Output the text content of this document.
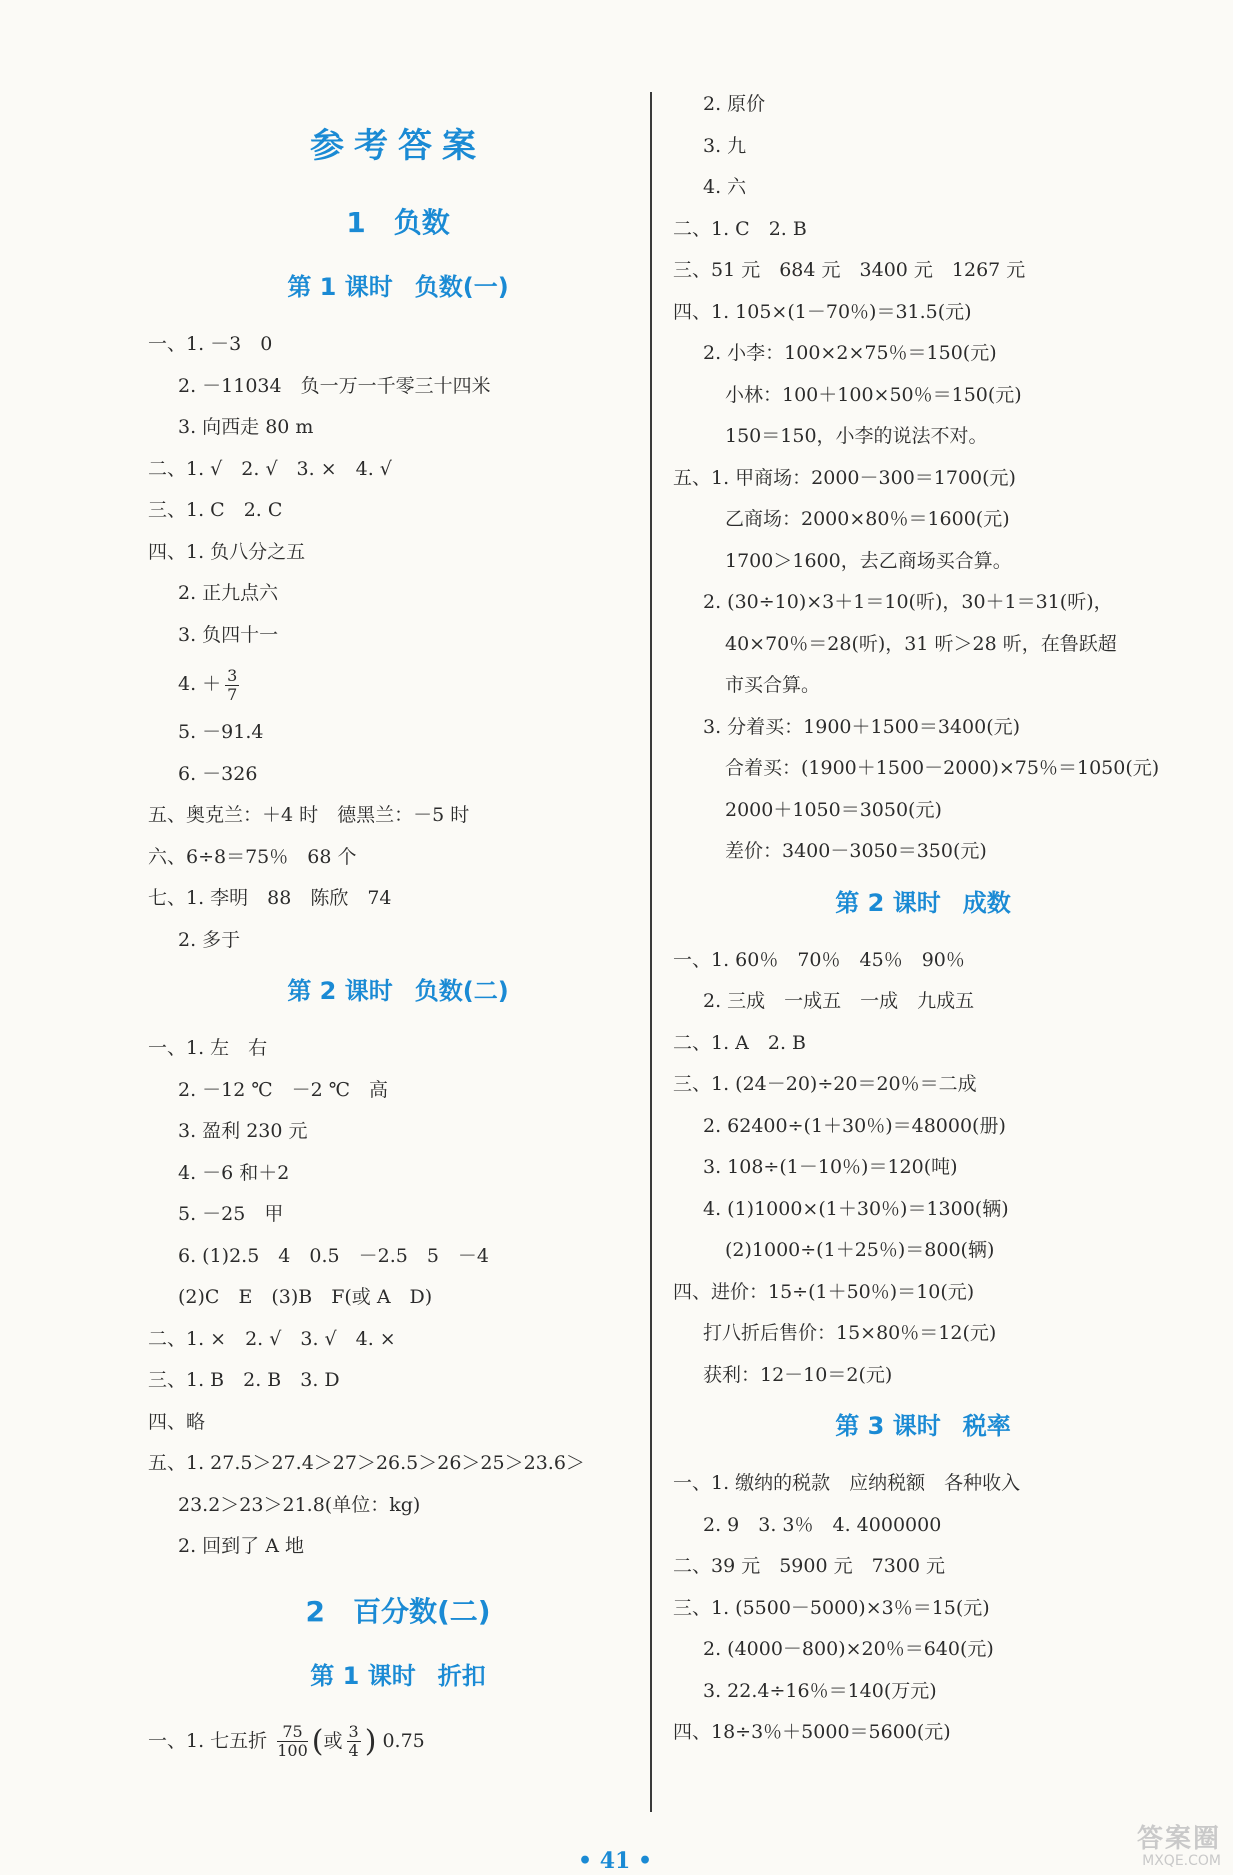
参考答案
1 负数
第 1 课时 负数(一)
一、1. －3　0
2. －11034　负一万一千零三十四米
3. 向西走 80 m
二、1. √　2. √　3. ×　4. √
三、1. C　2. C
四、1. 负八分之五
2. 正九点六
3. 负四十一
4. ＋ $\frac{3}{7}$
5. －91.4
6. －326
五、奥克兰：＋4 时　德黑兰：－5 时
六、6÷8＝75％　68 个
七、1. 李明　88　陈欣　74
2. 多于
第 2 课时 负数(二)
一、1. 左　右
2. －12 ℃　－2 ℃　高
3. 盈利 230 元
4. －6 和＋2
5. －25　甲
6. (1)2.5　4　0.5　－2.5　5　－4
(2)C　E　(3)B　F(或 A　D)
二、1. ×　2. √　3. √　4. ×
三、1. B　2. B　3. D
四、略
五、1. 27.5＞27.4＞27＞26.5＞26＞25＞23.6＞
23.2＞23＞21.8(单位：kg)
2. 回到了 A 地
2 百分数(二)
第 1 课时 折扣
一、1. 七五折 $\frac{75}{100}$ (或 $\frac{3}{4}$ ) 0.75
2. 原价
3. 九
4. 六
二、1. C　2. B
三、51 元　684 元　3400 元　1267 元
四、1. 105×(1－70％)＝31.5(元)
2. 小李：100×2×75％＝150(元)
小林：100＋100×50％＝150(元)
150＝150，小李的说法不对。
五、1. 甲商场：2000－300＝1700(元)
乙商场：2000×80％＝1600(元)
1700＞1600，去乙商场买合算。
2. (30÷10)×3＋1＝10(听)，30＋1＝31(听)，
40×70％＝28(听)，31 听＞28 听，在鲁跃超
市买合算。
3. 分着买：1900＋1500＝3400(元)
合着买：(1900＋1500－2000)×75％＝1050(元)
2000＋1050＝3050(元)
差价：3400－3050＝350(元)
第 2 课时 成数
一、1. 60％　70％　45％　90％
2. 三成　一成五　一成　九成五
二、1. A　2. B
三、1. (24－20)÷20＝20％＝二成
2. 62400÷(1＋30％)＝48000(册)
3. 108÷(1－10％)＝120(吨)
4. (1)1000×(1＋30％)＝1300(辆)
(2)1000÷(1＋25％)＝800(辆)
四、进价：15÷(1＋50％)＝10(元)
打八折后售价：15×80％＝12(元)
获利：12－10＝2(元)
第 3 课时 税率
一、1. 缴纳的税款　应纳税额　各种收入
2. 9　3. 3％　4. 4000000
二、39 元　5900 元　7300 元
三、1. (5500－5000)×3％＝15(元)
2. (4000－800)×20％＝640(元)
3. 22.4÷16％＝140(万元)
四、18÷3％＋5000＝5600(元)
• 41 •
答案圈
MXQE.COM
